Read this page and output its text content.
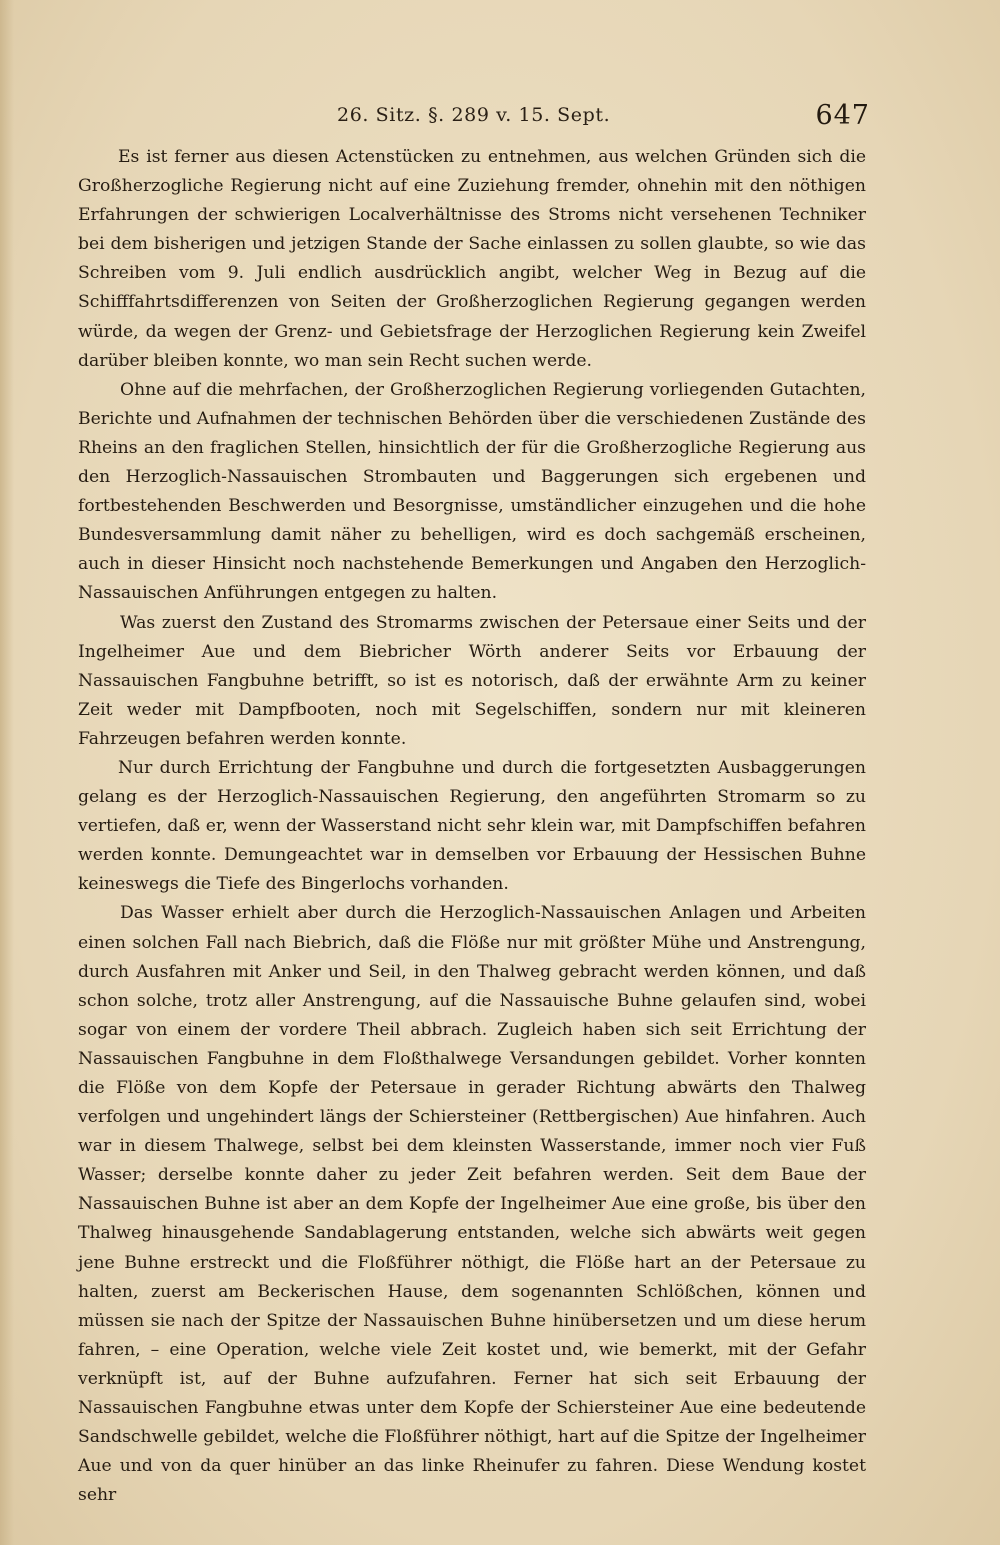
26. Sitz. §. 289 v. 15. Sept.	647

Es ist ferner aus diesen Actenstücken zu entnehmen, aus welchen Gründen sich die Großherzogliche Regierung nicht auf eine Zuziehung fremder, ohnehin mit den nöthigen Erfahrungen der schwierigen Localverhältnisse des Stroms nicht versehenen Techniker bei dem bisherigen und jetzigen Stande der Sache einlassen zu sollen glaubte, so wie das Schreiben vom 9. Juli endlich ausdrücklich angibt, welcher Weg in Bezug auf die Schifffahrtsdifferenzen von Seiten der Großherzoglichen Regierung gegangen werden würde, da wegen der Grenz- und Gebietsfrage der Herzoglichen Regierung kein Zweifel darüber bleiben konnte, wo man sein Recht suchen werde.

Ohne auf die mehrfachen, der Großherzoglichen Regierung vorliegenden Gutachten, Berichte und Aufnahmen der technischen Behörden über die verschiedenen Zustände des Rheins an den fraglichen Stellen, hinsichtlich der für die Großherzogliche Regierung aus den Herzoglich-Nassauischen Strombauten und Baggerungen sich ergebenen und fortbestehenden Beschwerden und Besorgnisse, umständlicher einzugehen und die hohe Bundesversammlung damit näher zu behelligen, wird es doch sachgemäß erscheinen, auch in dieser Hinsicht noch nachstehende Bemerkungen und Angaben den Herzoglich-Nassauischen Anführungen entgegen zu halten.

Was zuerst den Zustand des Stromarms zwischen der Petersaue einer Seits und der Ingelheimer Aue und dem Biebricher Wörth anderer Seits vor Erbauung der Nassauischen Fangbuhne betrifft, so ist es notorisch, daß der erwähnte Arm zu keiner Zeit weder mit Dampfbooten, noch mit Segelschiffen, sondern nur mit kleineren Fahrzeugen befahren werden konnte.

Nur durch Errichtung der Fangbuhne und durch die fortgesetzten Ausbaggerungen gelang es der Herzoglich-Nassauischen Regierung, den angeführten Stromarm so zu vertiefen, daß er, wenn der Wasserstand nicht sehr klein war, mit Dampfschiffen befahren werden konnte. Demungeachtet war in demselben vor Erbauung der Hessischen Buhne keineswegs die Tiefe des Bingerlochs vorhanden.

Das Wasser erhielt aber durch die Herzoglich-Nassauischen Anlagen und Arbeiten einen solchen Fall nach Biebrich, daß die Flöße nur mit größter Mühe und Anstrengung, durch Ausfahren mit Anker und Seil, in den Thalweg gebracht werden können, und daß schon solche, trotz aller Anstrengung, auf die Nassauische Buhne gelaufen sind, wobei sogar von einem der vordere Theil abbrach. Zugleich haben sich seit Errichtung der Nassauischen Fangbuhne in dem Floßthalwege Versandungen gebildet. Vorher konnten die Flöße von dem Kopfe der Petersaue in gerader Richtung abwärts den Thalweg verfolgen und ungehindert längs der Schiersteiner (Rettbergischen) Aue hinfahren. Auch war in diesem Thalwege, selbst bei dem kleinsten Wasserstande, immer noch vier Fuß Wasser; derselbe konnte daher zu jeder Zeit befahren werden. Seit dem Baue der Nassauischen Buhne ist aber an dem Kopfe der Ingelheimer Aue eine große, bis über den Thalweg hinausgehende Sandablagerung entstanden, welche sich abwärts weit gegen jene Buhne erstreckt und die Floßführer nöthigt, die Flöße hart an der Petersaue zu halten, zuerst am Beckerischen Hause, dem sogenannten Schlößchen, können und müssen sie nach der Spitze der Nassauischen Buhne hinübersetzen und um diese herum fahren, – eine Operation, welche viele Zeit kostet und, wie bemerkt, mit der Gefahr verknüpft ist, auf der Buhne aufzufahren. Ferner hat sich seit Erbauung der Nassauischen Fangbuhne etwas unter dem Kopfe der Schiersteiner Aue eine bedeutende Sandschwelle gebildet, welche die Floßführer nöthigt, hart auf die Spitze der Ingelheimer Aue und von da quer hinüber an das linke Rheinufer zu fahren. Diese Wendung kostet sehr
